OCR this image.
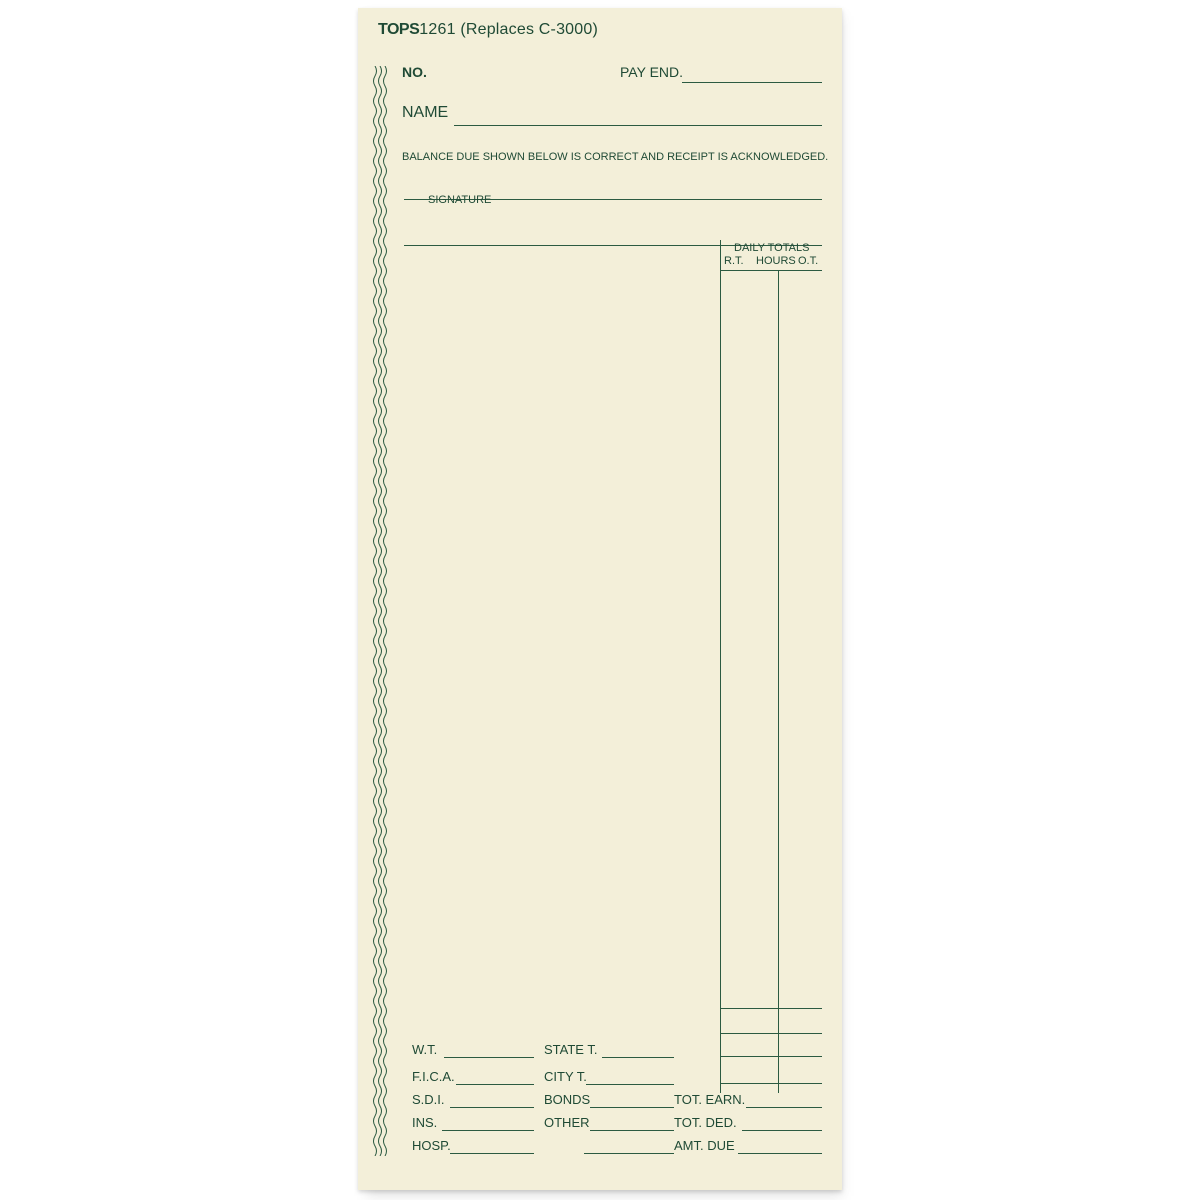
TOPS1261 (Replaces C-3000)
NO.	PAY END.
NAME
BALANCE DUE SHOWN BELOW IS CORRECT AND RECEIPT IS ACKNOWLEDGED.
SIGNATURE
DAILY TOTALS
R.T. HOURS O.T.
W.T.	STATE T.
F.I.C.A.	CITY T.
S.D.I.	BONDS	TOT. EARN.
INS.	OTHER	TOT. DED.
HOSP.	AMT. DUE
